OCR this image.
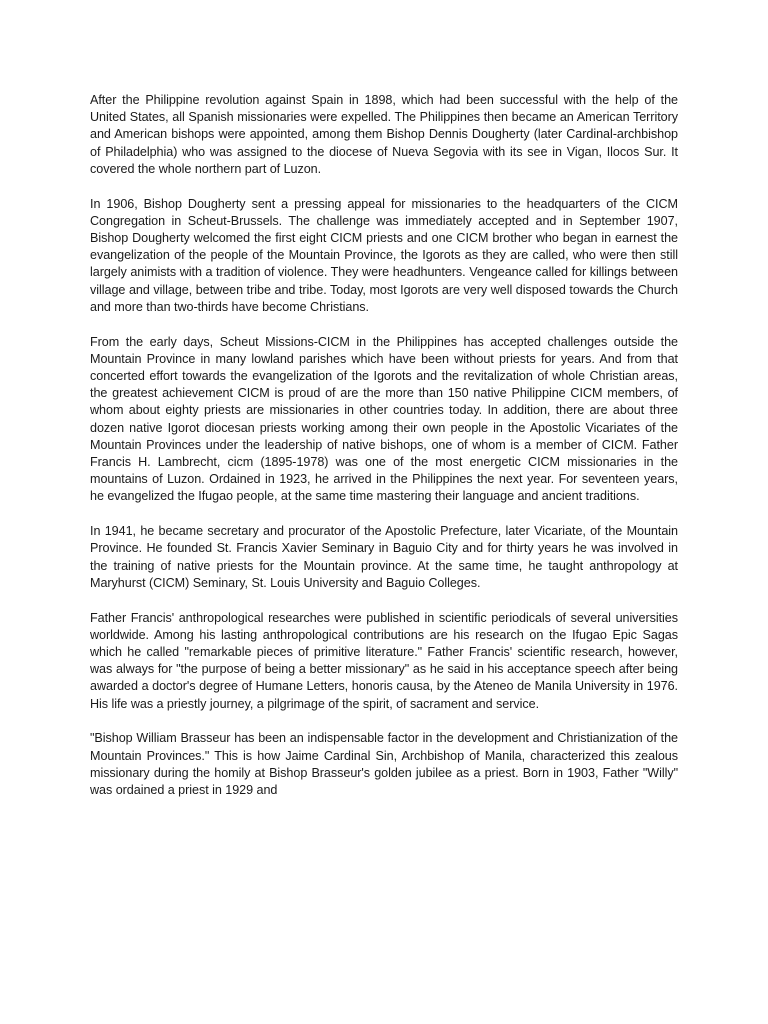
After the Philippine revolution against Spain in 1898, which had been successful with the help of the United States, all Spanish missionaries were expelled. The Philippines then became an American Territory and American bishops were appointed, among them Bishop Dennis Dougherty (later Cardinal-archbishop of Philadelphia) who was assigned to the diocese of Nueva Segovia with its see in Vigan, Ilocos Sur. It covered the whole northern part of Luzon.

In 1906, Bishop Dougherty sent a pressing appeal for missionaries to the headquarters of the CICM Congregation in Scheut-Brussels. The challenge was immediately accepted and in September 1907, Bishop Dougherty welcomed the first eight CICM priests and one CICM brother who began in earnest the evangelization of the people of the Mountain Province, the Igorots as they are called, who were then still largely animists with a tradition of violence. They were headhunters. Vengeance called for killings between village and village, between tribe and tribe. Today, most Igorots are very well disposed towards the Church and more than two-thirds have become Christians.

From the early days, Scheut Missions-CICM in the Philippines has accepted challenges outside the Mountain Province in many lowland parishes which have been without priests for years. And from that concerted effort towards the evangelization of the Igorots and the revitalization of whole Christian areas, the greatest achievement CICM is proud of are the more than 150 native Philippine CICM members, of whom about eighty priests are missionaries in other countries today. In addition, there are about three dozen native Igorot diocesan priests working among their own people in the Apostolic Vicariates of the Mountain Provinces under the leadership of native bishops, one of whom is a member of CICM. Father Francis H. Lambrecht, cicm (1895-1978) was one of the most energetic CICM missionaries in the mountains of Luzon. Ordained in 1923, he arrived in the Philippines the next year. For seventeen years, he evangelized the Ifugao people, at the same time mastering their language and ancient traditions.

In 1941, he became secretary and procurator of the Apostolic Prefecture, later Vicariate, of the Mountain Province. He founded St. Francis Xavier Seminary in Baguio City and for thirty years he was involved in the training of native priests for the Mountain province. At the same time, he taught anthropology at Maryhurst (CICM) Seminary, St. Louis University and Baguio Colleges.

Father Francis' anthropological researches were published in scientific periodicals of several universities worldwide. Among his lasting anthropological contributions are his research on the Ifugao Epic Sagas which he called "remarkable pieces of primitive literature." Father Francis' scientific research, however, was always for "the purpose of being a better missionary" as he said in his acceptance speech after being awarded a doctor's degree of Humane Letters, honoris causa, by the Ateneo de Manila University in 1976. His life was a priestly journey, a pilgrimage of the spirit, of sacrament and service.

"Bishop William Brasseur has been an indispensable factor in the development and Christianization of the Mountain Provinces." This is how Jaime Cardinal Sin, Archbishop of Manila, characterized this zealous missionary during the homily at Bishop Brasseur's golden jubilee as a priest. Born in 1903, Father "Willy" was ordained a priest in 1929 and
